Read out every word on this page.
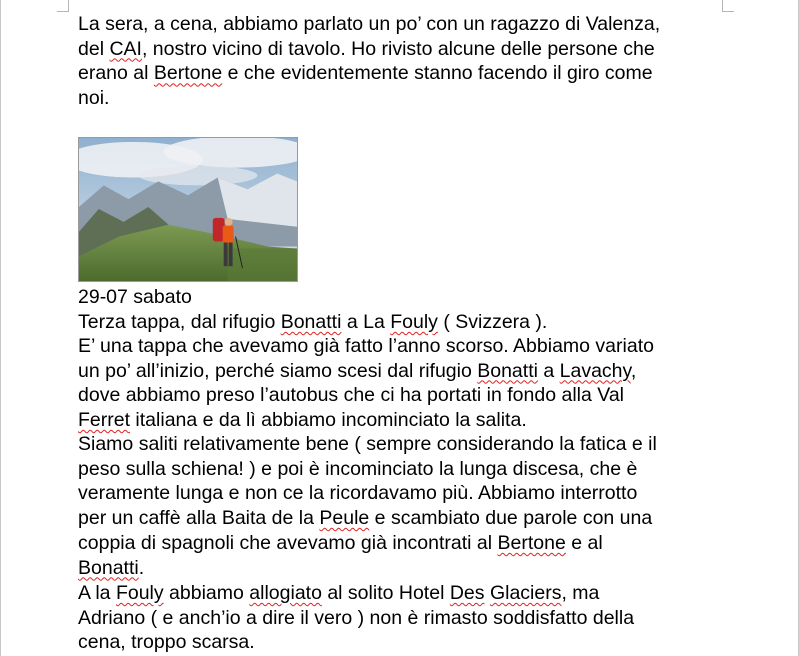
La sera, a cena, abbiamo parlato un po’ con un ragazzo di Valenza,
del CAI, nostro vicino di tavolo. Ho rivisto alcune delle persone che
erano al Bertone e che evidentemente stanno facendo il giro come
noi.

29-07 sabato

Terza tappa, dal rifugio Bonatti a La Fouly ( Svizzera ).

E’ una tappa che avevamo già fatto l’anno scorso. Abbiamo variato
un po’ all’inizio, perché siamo scesi dal rifugio Bonatti a Lavachy,
dove abbiamo preso l’autobus che ci ha portati in fondo alla Val
Ferret italiana e da lì abbiamo incominciato la salita.

Siamo saliti relativamente bene ( sempre considerando la fatica e il
peso sulla schiena! ) e poi è incominciato la lunga discesa, che è
veramente lunga e non ce la ricordavamo più. Abbiamo interrotto
per un caffè alla Baita de la Peule e scambiato due parole con una
coppia di spagnoli che avevamo già incontrati al Bertone e al
Bonatti.

A la Fouly abbiamo allogiato al solito Hotel Des Glaciers, ma
Adriano ( e anch’io a dire il vero ) non è rimasto soddisfatto della
cena, troppo scarsa.
